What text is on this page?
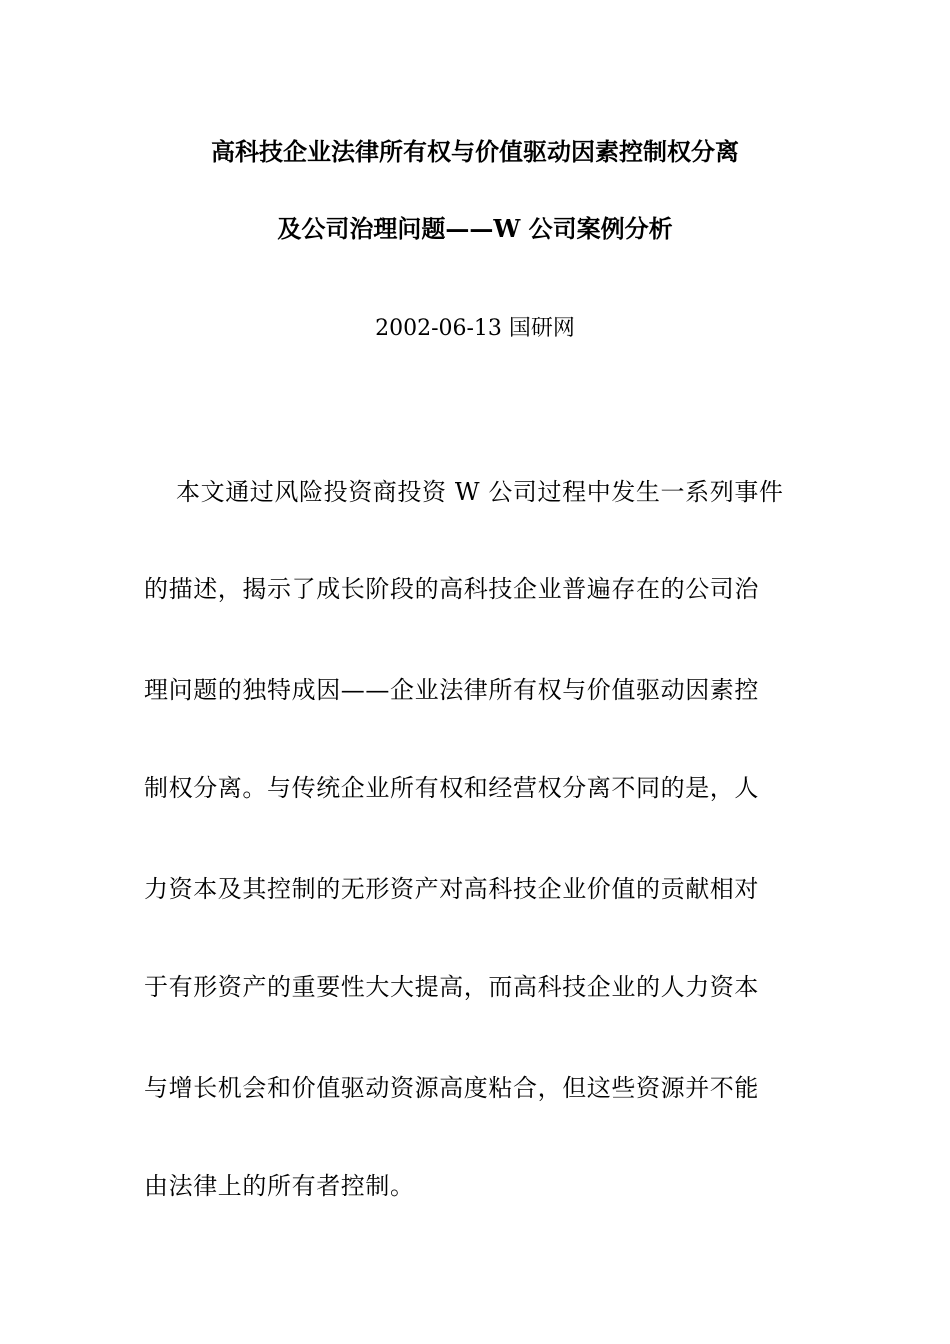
高科技企业法律所有权与价值驱动因素控制权分离
及公司治理问题——W 公司案例分析
2002-06-13 国研网
本文通过风险投资商投资 W 公司过程中发生一系列事件
的描述，揭示了成长阶段的高科技企业普遍存在的公司治
理问题的独特成因——企业法律所有权与价值驱动因素控
制权分离。与传统企业所有权和经营权分离不同的是，人
力资本及其控制的无形资产对高科技企业价值的贡献相对
于有形资产的重要性大大提高，而高科技企业的人力资本
与增长机会和价值驱动资源高度粘合，但这些资源并不能
由法律上的所有者控制。
